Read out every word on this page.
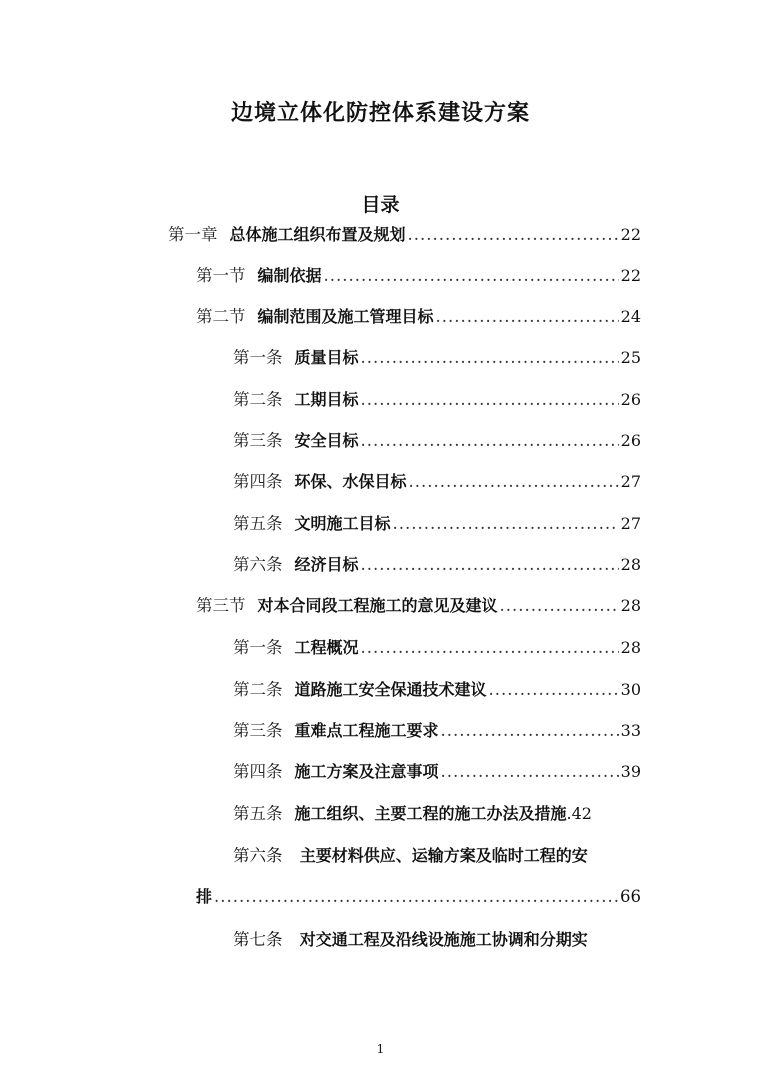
边境立体化防控体系建设方案
目录
第一章 总体施工组织布置及规划 .....	22
第一节 编制依据 .....	22
第二节 编制范围及施工管理目标 .....	24
第一条 质量目标 .....	25
第二条 工期目标 .....	26
第三条 安全目标 .....	26
第四条 环保、水保目标 .....	27
第五条 文明施工目标 .....	27
第六条 经济目标 .....	28
第三节 对本合同段工程施工的意见及建议 .....	28
第一条 工程概况 .....	28
第二条 道路施工安全保通技术建议 .....	30
第三条 重难点工程施工要求 .....	33
第四条 施工方案及注意事项 .....	39
第五条 施工组织、主要工程的施工办法及措施 .42
第六条 主要材料供应、运输方案及临时工程的安
排 .....	66
第七条 对交通工程及沿线设施施工协调和分期实
1
